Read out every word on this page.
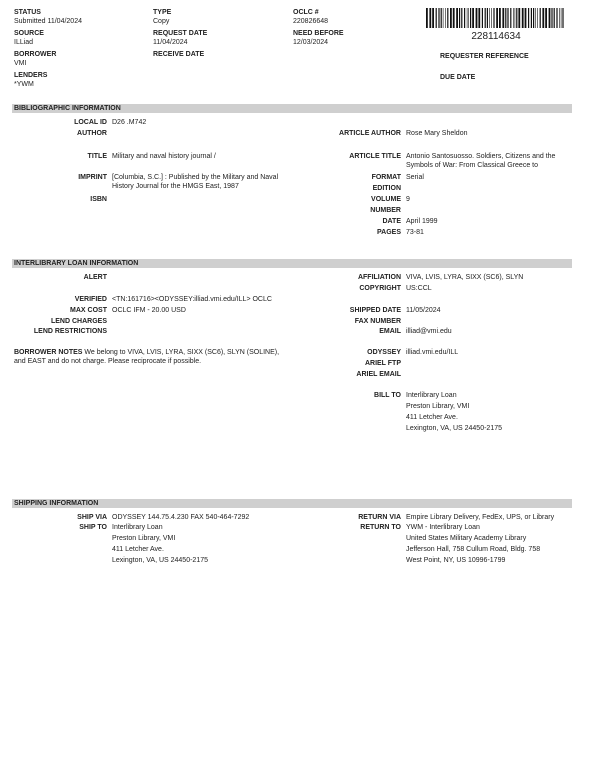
STATUS
Submitted 11/04/2024
SOURCE
ILLiad
BORROWER
VMI
LENDERS
*YWM
TYPE
Copy
REQUEST DATE
11/04/2024
RECEIVE DATE
OCLC #
220826648
NEED BEFORE
12/03/2024
228114634
REQUESTER REFERENCE
DUE DATE
BIBLIOGRAPHIC INFORMATION
LOCAL ID D26 .M742
AUTHOR
TITLE Military and naval history journal /
IMPRINT [Columbia, S.C.] : Published by the Military and Naval History Journal for the HMGS East, 1987
ISBN
ARTICLE AUTHOR Rose Mary Sheldon
ARTICLE TITLE Antonio Santosuosso. Soldiers, Citizens and the Symbols of War: From Classical Greece to
FORMAT Serial
EDITION
VOLUME 9
NUMBER
DATE April 1999
PAGES 73-81
INTERLIBRARY LOAN INFORMATION
ALERT
VERIFIED <TN:161716><ODYSSEY:illiad.vmi.edu/ILL> OCLC
MAX COST OCLC IFM - 20.00 USD
LEND CHARGES
LEND RESTRICTIONS
BORROWER NOTES We belong to VIVA, LVIS, LYRA, SIXX (SC6), SLYN (SOLINE), and EAST and do not charge. Please reciprocate if possible.
AFFILIATION VIVA, LVIS, LYRA, SIXX (SC6), SLYN
COPYRIGHT US:CCL
SHIPPED DATE 11/05/2024
FAX NUMBER
EMAIL illiad@vmi.edu
ODYSSEY illiad.vmi.edu/ILL
ARIEL FTP
ARIEL EMAIL
BILL TO Interlibrary Loan
Preston Library, VMI
411 Letcher Ave.
Lexington, VA, US 24450-2175
SHIPPING INFORMATION
SHIP VIA ODYSSEY 144.75.4.230 FAX 540-464-7292
SHIP TO Interlibrary Loan
Preston Library, VMI
411 Letcher Ave.
Lexington, VA, US 24450-2175
RETURN VIA Empire Library Delivery, FedEx, UPS, or Library
RETURN TO YWM - Interlibrary Loan
United States Military Academy Library
Jefferson Hall, 758 Cullum Road, Bldg. 758
West Point, NY, US 10996-1799
